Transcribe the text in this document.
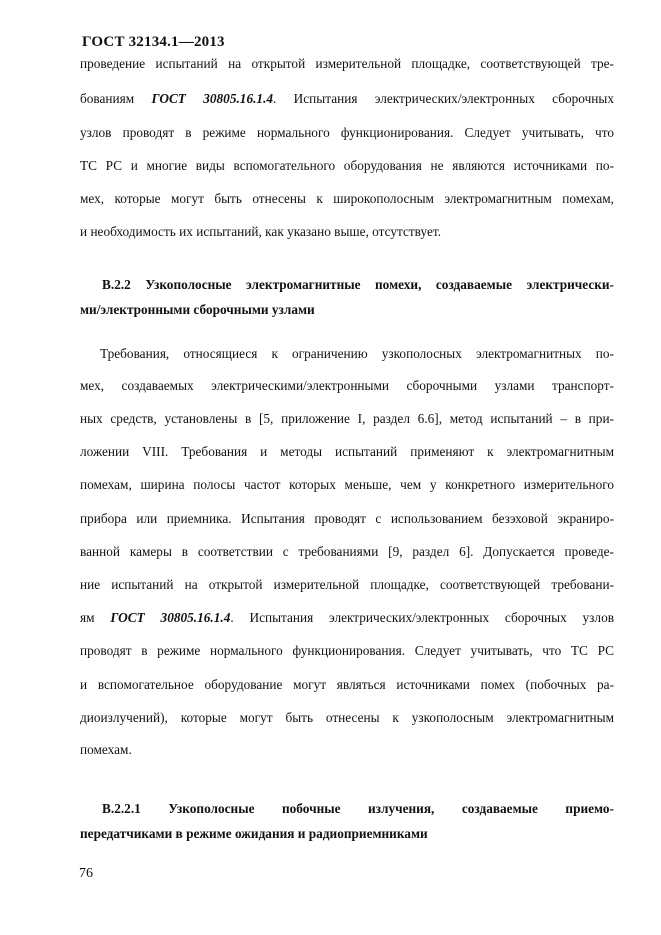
ГОСТ 32134.1—2013
проведение испытаний на открытой измерительной площадке, соответствующей тре-
бованиям ГОСТ 30805.16.1.4. Испытания электрических/электронных сборочных
узлов проводят в режиме нормального функционирования. Следует учитывать, что
ТС РС и многие виды вспомогательного оборудования не являются источниками по-
мех, которые могут быть отнесены к широкополосным электромагнитным помехам,
и необходимость их испытаний, как указано выше, отсутствует.
В.2.2 Узкополосные электромагнитные помехи, создаваемые электрически-
ми/электронными сборочными узлами
Требования, относящиеся к ограничению узкополосных электромагнитных по-
мех, создаваемых электрическими/электронными сборочными узлами транспорт-
ных средств, установлены в [5, приложение I, раздел 6.6], метод испытаний – в при-
ложении VIII. Требования и методы испытаний применяют к электромагнитным
помехам, ширина полосы частот которых меньше, чем у конкретного измерительного
прибора или приемника. Испытания проводят с использованием безэховой экраниро-
ванной камеры в соответствии с требованиями [9, раздел 6]. Допускается проведе-
ние испытаний на открытой измерительной площадке, соответствующей требовани-
ям ГОСТ 30805.16.1.4. Испытания электрических/электронных сборочных узлов
проводят в режиме нормального функционирования. Следует учитывать, что ТС РС
и вспомогательное оборудование могут являться источниками помех (побочных ра-
диоизлучений), которые могут быть отнесены к узкополосным электромагнитным
помехам.
В.2.2.1 Узкополосные побочные излучения, создаваемые приемо-
передатчиками в режиме ожидания и радиоприемниками
76
